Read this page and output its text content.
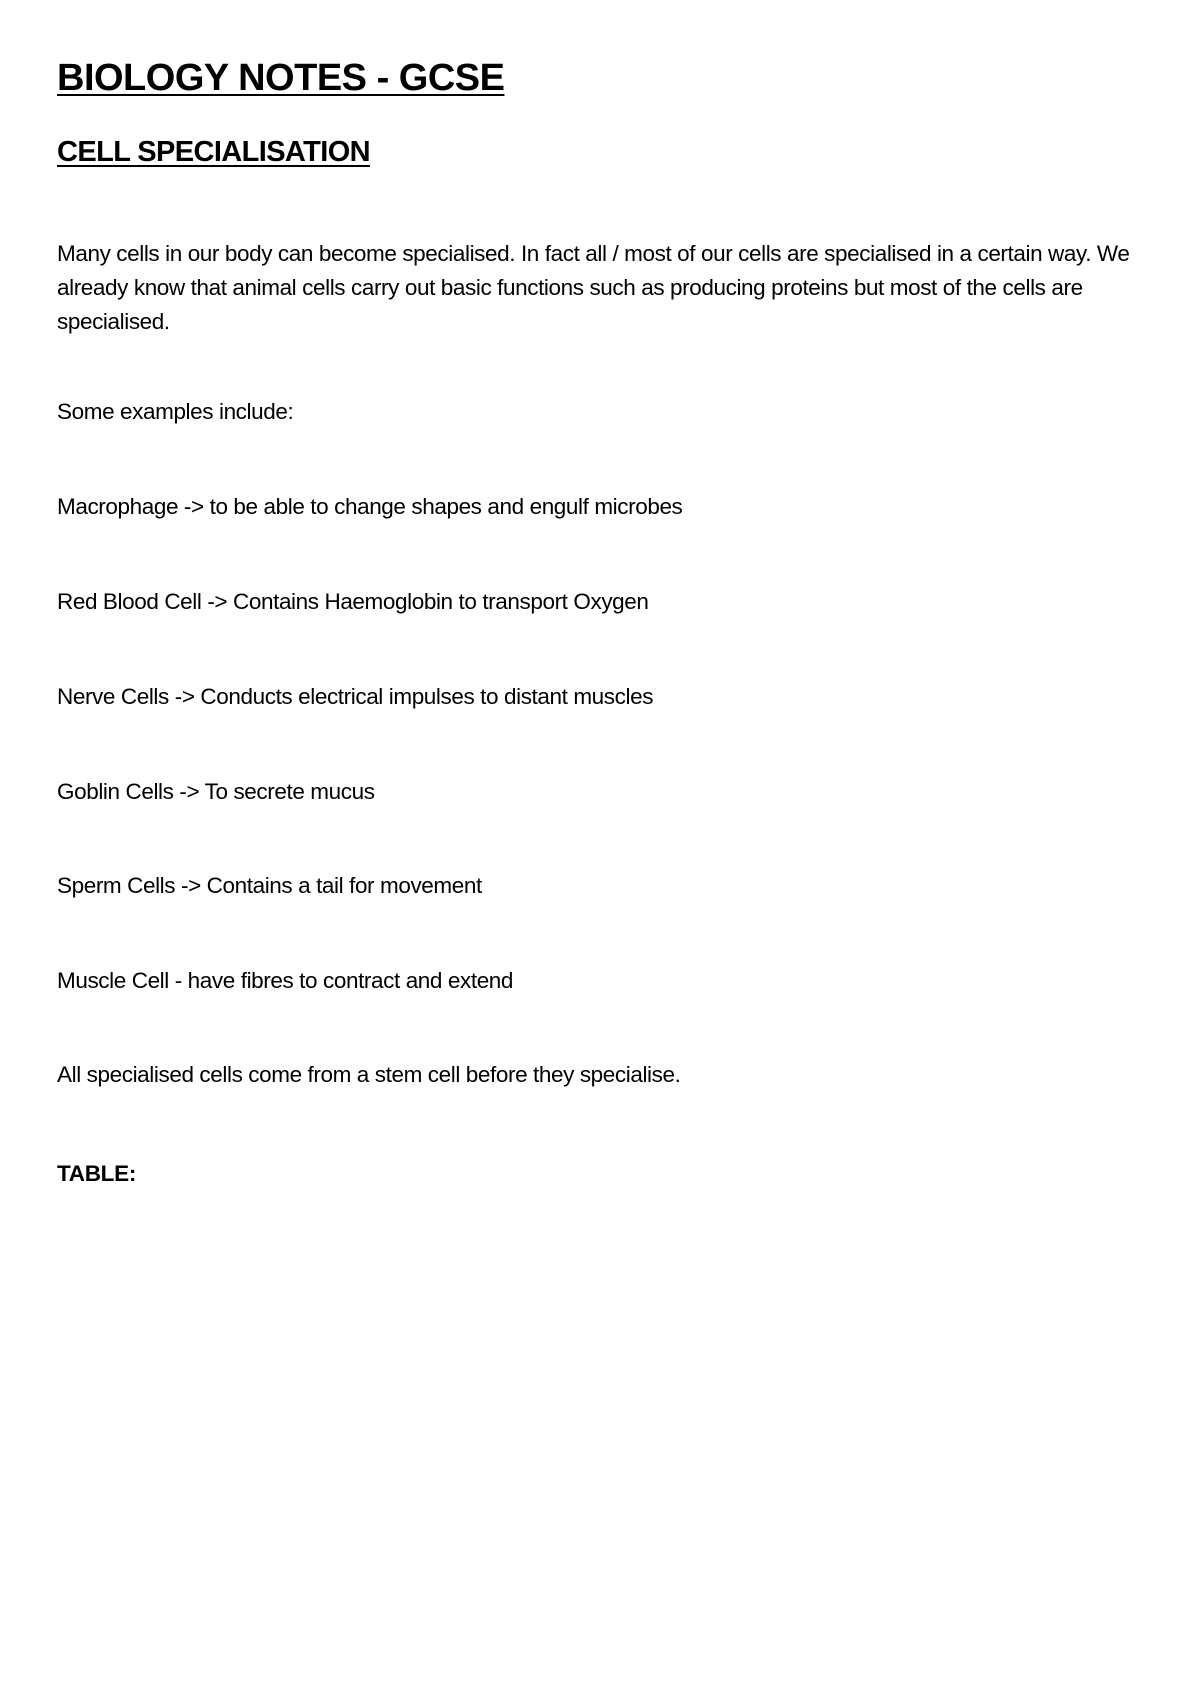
BIOLOGY NOTES - GCSE
CELL SPECIALISATION

Many cells in our body can become specialised. In fact all / most of our cells are specialised in a certain way. We already know that animal cells carry out basic functions such as producing proteins but most of the cells are specialised.

Some examples include:

Macrophage -> to be able to change shapes and engulf microbes

Red Blood Cell -> Contains Haemoglobin to transport Oxygen

Nerve Cells -> Conducts electrical impulses to distant muscles

Goblin Cells -> To secrete mucus

Sperm Cells -> Contains a tail for movement

Muscle Cell - have fibres to contract and extend

All specialised cells come from a stem cell before they specialise.

TABLE:
